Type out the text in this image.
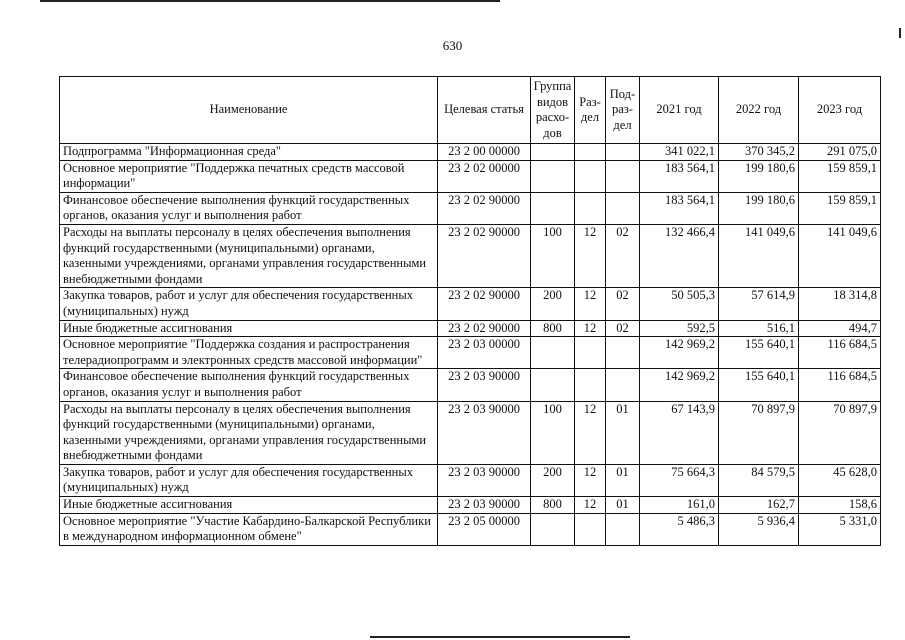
630
Наименование	Целевая статья	Группа видов расхо-дов	Раз-дел	Под-раз-дел	2021 год	2022 год	2023 год
Подпрограмма "Информационная среда"	23 2 00 00000				341 022,1	370 345,2	291 075,0
Основное мероприятие "Поддержка печатных средств массовой информации"	23 2 02 00000				183 564,1	199 180,6	159 859,1
Финансовое обеспечение выполнения функций государственных органов, оказания услуг и выполнения работ	23 2 02 90000				183 564,1	199 180,6	159 859,1
Расходы на выплаты персоналу в целях обеспечения выполнения функций государственными (муниципальными) органами, казенными учреждениями, органами управления государственными внебюджетными фондами	23 2 02 90000	100	12	02	132 466,4	141 049,6	141 049,6
Закупка товаров, работ и услуг для обеспечения государственных (муниципальных) нужд	23 2 02 90000	200	12	02	50 505,3	57 614,9	18 314,8
Иные бюджетные ассигнования	23 2 02 90000	800	12	02	592,5	516,1	494,7
Основное мероприятие "Поддержка создания и распространения телерадиопрограмм и электронных средств массовой информации"	23 2 03 00000				142 969,2	155 640,1	116 684,5
Финансовое обеспечение выполнения функций государственных органов, оказания услуг и выполнения работ	23 2 03 90000				142 969,2	155 640,1	116 684,5
Расходы на выплаты персоналу в целях обеспечения выполнения функций государственными (муниципальными) органами, казенными учреждениями, органами управления государственными внебюджетными фондами	23 2 03 90000	100	12	01	67 143,9	70 897,9	70 897,9
Закупка товаров, работ и услуг для обеспечения государственных (муниципальных) нужд	23 2 03 90000	200	12	01	75 664,3	84 579,5	45 628,0
Иные бюджетные ассигнования	23 2 03 90000	800	12	01	161,0	162,7	158,6
Основное мероприятие "Участие Кабардино-Балкарской Республики в международном информационном обмене"	23 2 05 00000				5 486,3	5 936,4	5 331,0
